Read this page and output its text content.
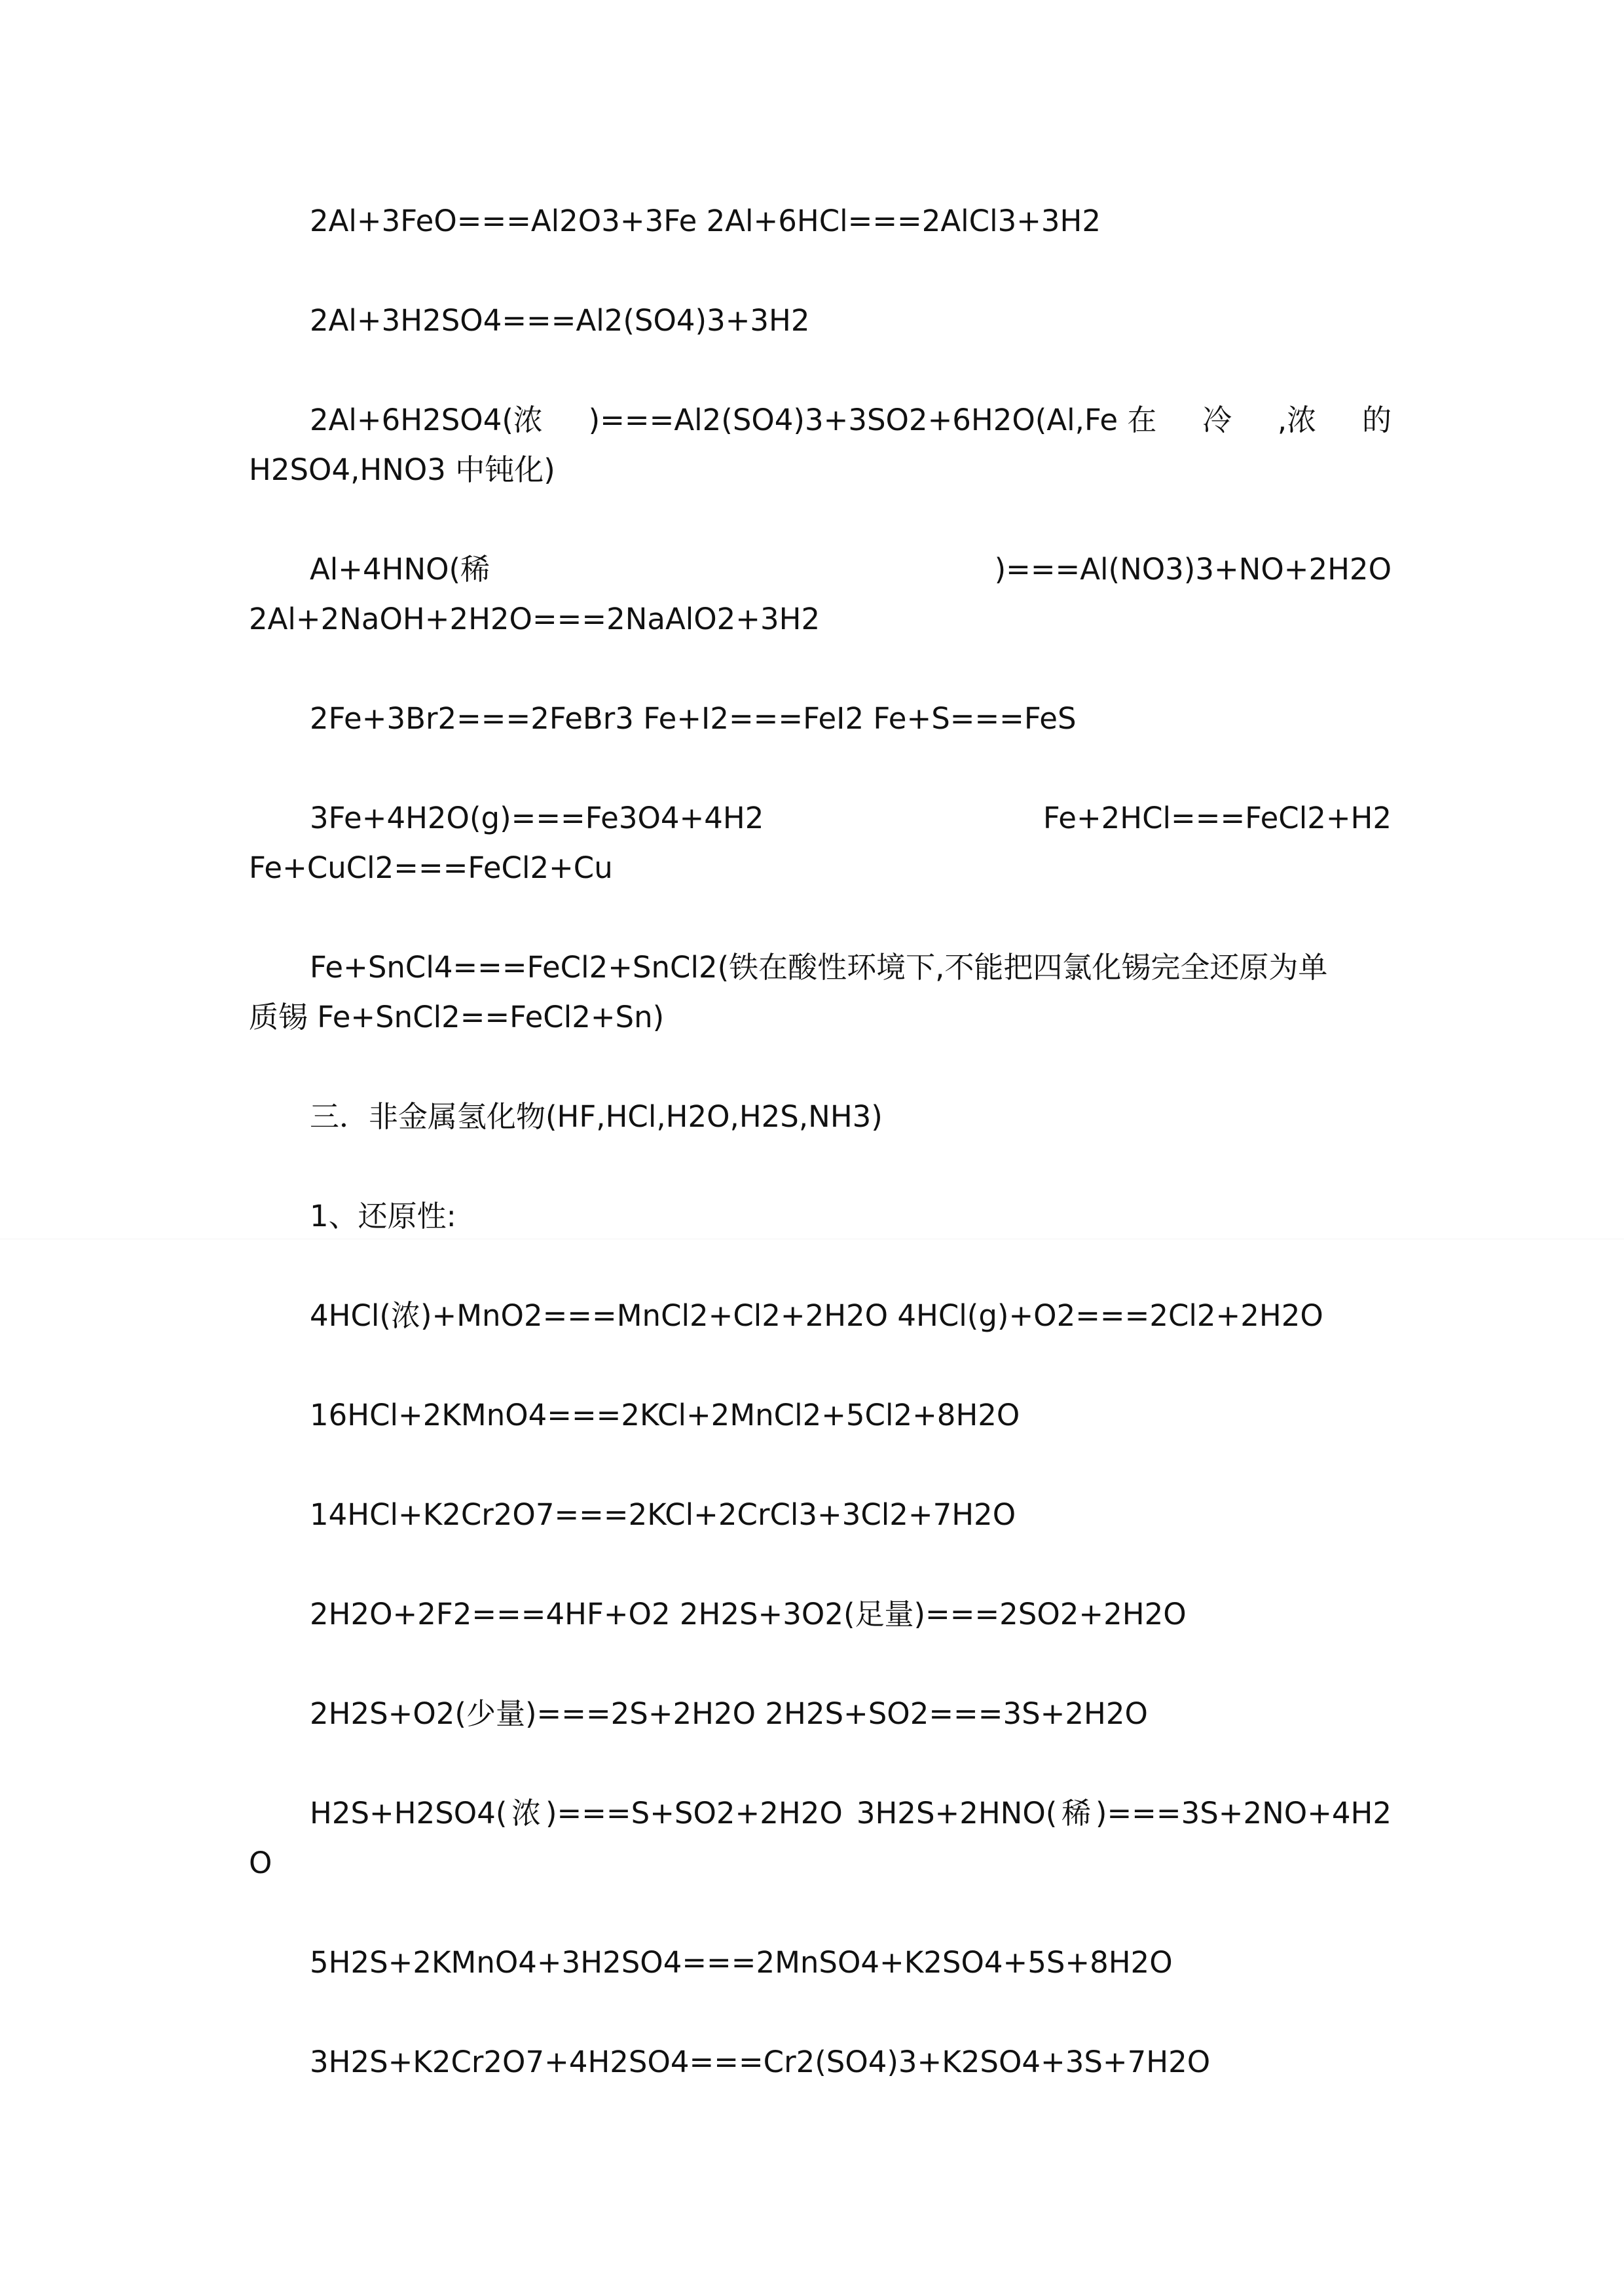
2Al+3FeO===Al2O3+3Fe 2Al+6HCl===2AlCl3+3H2

2Al+3H2SO4===Al2(SO4)3+3H2

2Al+6H2SO4(浓 )===Al2(SO4)3+3SO2+6H2O(Al,Fe 在 冷 ,浓 的
H2SO4,HNO3 中钝化)
Al+4HNO(稀	)===Al(NO3)3+NO+2H2O
2Al+2NaOH+2H2O===2NaAlO2+3H2

2Fe+3Br2===2FeBr3 Fe+I2===FeI2 Fe+S===FeS

3Fe+4H2O(g)===Fe3O4+4H2	Fe+2HCl===FeCl2+H2
Fe+CuCl2===FeCl2+Cu
Fe+SnCl4===FeCl2+SnCl2(铁在酸性环境下,不能把四氯化锡完全还原为单
质锡 Fe+SnCl2==FeCl2+Sn)

三．非金属氢化物(HF,HCl,H2O,H2S,NH3)

1、还原性:

4HCl(浓)+MnO2===MnCl2+Cl2+2H2O 4HCl(g)+O2===2Cl2+2H2O

16HCl+2KMnO4===2KCl+2MnCl2+5Cl2+8H2O

14HCl+K2Cr2O7===2KCl+2CrCl3+3Cl2+7H2O

2H2O+2F2===4HF+O2 2H2S+3O2(足量)===2SO2+2H2O

2H2S+O2(少量)===2S+2H2O 2H2S+SO2===3S+2H2O

H2S+H2SO4(浓)===S+SO2+2H2O 3H2S+2HNO(稀)===3S+2NO+4H2O

5H2S+2KMnO4+3H2SO4===2MnSO4+K2SO4+5S+8H2O

3H2S+K2Cr2O7+4H2SO4===Cr2(SO4)3+K2SO4+3S+7H2O
